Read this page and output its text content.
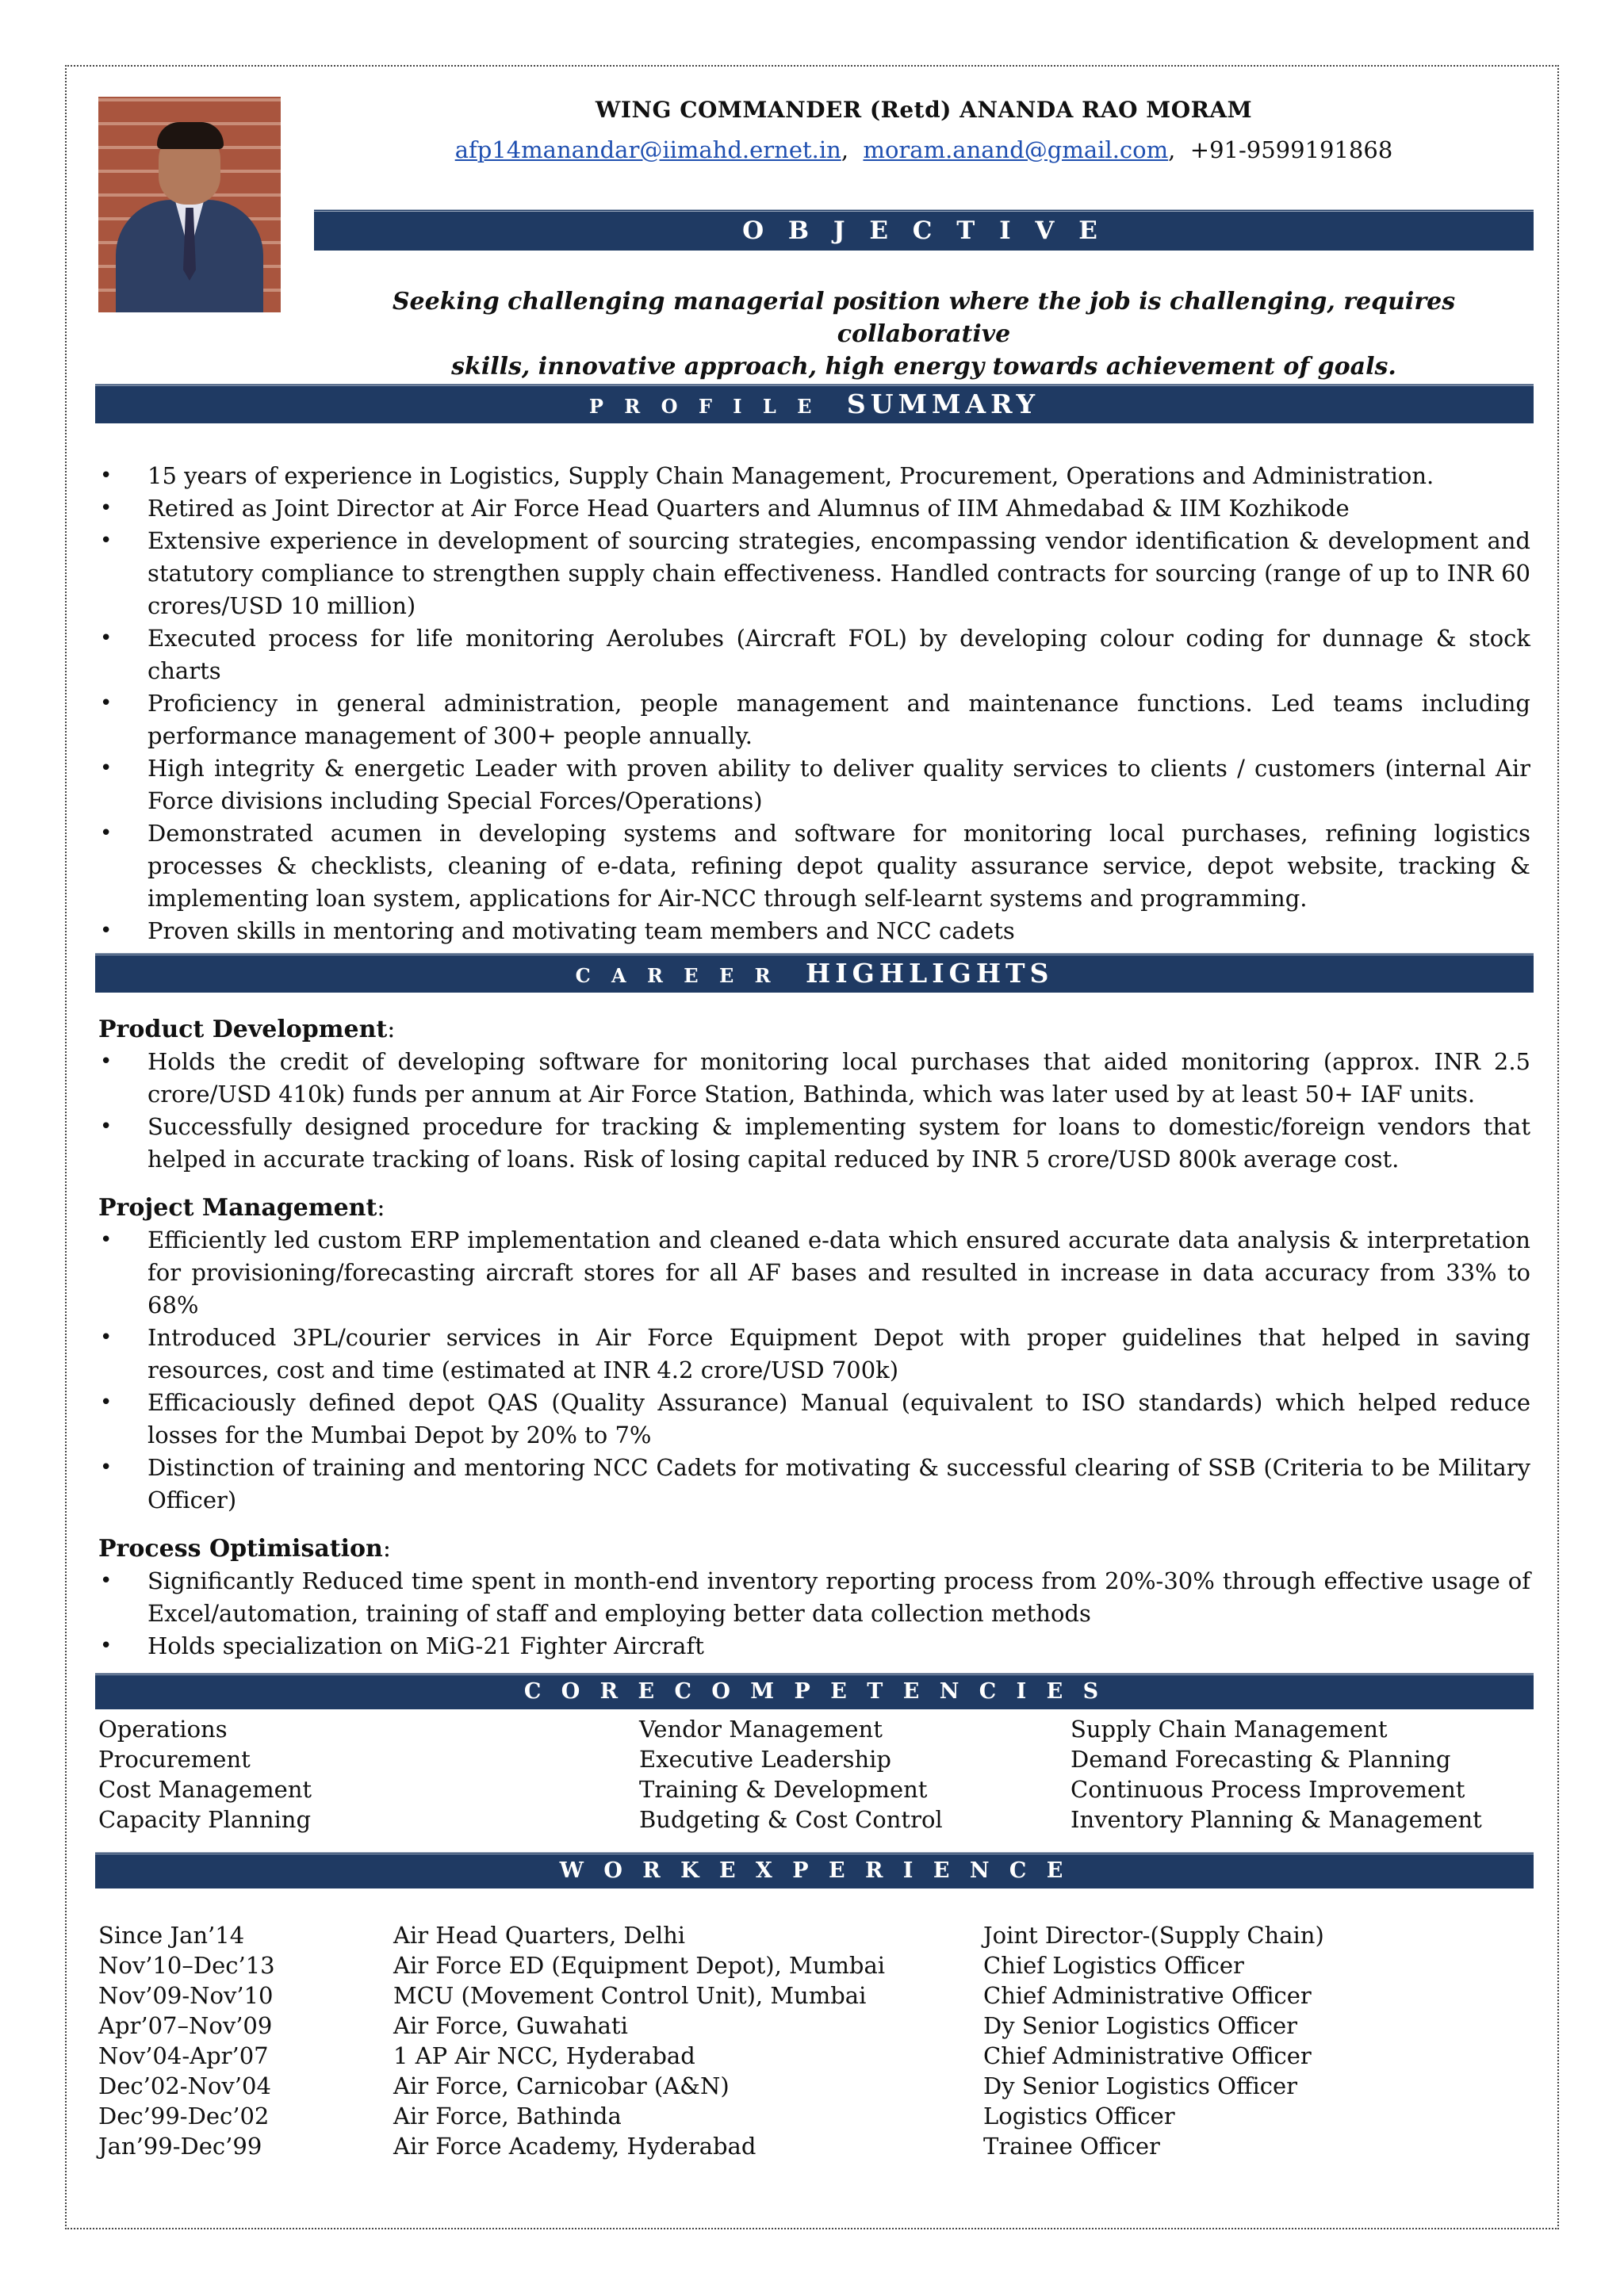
WING COMMANDER (Retd) ANANDA RAO MORAM
afp14manandar@iimahd.ernet.in,  moram.anand@gmail.com,  +91-9599191868
O B J E C T I V E
Seeking challenging managerial position where the job is challenging, requires collaborative
skills, innovative approach, high energy towards achievement of goals.
P R O F I L E SUMMARY
• 15 years of experience in Logistics, Supply Chain Management, Procurement, Operations and Administration.
• Retired as Joint Director at Air Force Head Quarters and Alumnus of IIM Ahmedabad & IIM Kozhikode
• Extensive experience in development of sourcing strategies, encompassing vendor identification & development and statutory compliance to strengthen supply chain effectiveness. Handled contracts for sourcing (range of up to INR 60 crores/USD 10 million)
• Executed process for life monitoring Aerolubes (Aircraft FOL) by developing colour coding for dunnage & stock charts
• Proficiency in general administration, people management and maintenance functions. Led teams including performance management of 300+ people annually.
• High integrity & energetic Leader with proven ability to deliver quality services to clients / customers (internal Air Force divisions including Special Forces/Operations)
• Demonstrated acumen in developing systems and software for monitoring local purchases, refining logistics processes & checklists, cleaning of e-data, refining depot quality assurance service, depot website, tracking & implementing loan system, applications for Air-NCC through self-learnt systems and programming.
• Proven skills in mentoring and motivating team members and NCC cadets
C A R E E R HIGHLIGHTS
Product Development:
• Holds the credit of developing software for monitoring local purchases that aided monitoring (approx. INR 2.5 crore/USD 410k) funds per annum at Air Force Station, Bathinda, which was later used by at least 50+ IAF units.
• Successfully designed procedure for tracking & implementing system for loans to domestic/foreign vendors that helped in accurate tracking of loans. Risk of losing capital reduced by INR 5 crore/USD 800k average cost.
Project Management:
• Efficiently led custom ERP implementation and cleaned e-data which ensured accurate data analysis & interpretation for provisioning/forecasting aircraft stores for all AF bases and resulted in increase in data accuracy from 33% to 68%
• Introduced 3PL/courier services in Air Force Equipment Depot with proper guidelines that helped in saving resources, cost and time (estimated at INR 4.2 crore/USD 700k)
• Efficaciously defined depot QAS (Quality Assurance) Manual (equivalent to ISO standards) which helped reduce losses for the Mumbai Depot by 20% to 7%
• Distinction of training and mentoring NCC Cadets for motivating & successful clearing of SSB (Criteria to be Military Officer)
Process Optimisation:
• Significantly Reduced time spent in month-end inventory reporting process from 20%-30% through effective usage of Excel/automation, training of staff and employing better data collection methods
• Holds specialization on MiG-21 Fighter Aircraft
C O R E C O M P E T E N C I E S
Operations
Procurement
Cost Management
Capacity Planning
Vendor Management
Executive Leadership
Training & Development
Budgeting & Cost Control
Supply Chain Management
Demand Forecasting & Planning
Continuous Process Improvement
Inventory Planning & Management
W O R K E X P E R I E N C E
Since Jan’14
Nov’10–Dec’13
Nov’09-Nov’10
Apr’07–Nov’09
Nov’04-Apr’07
Dec’02-Nov’04
Dec’99-Dec’02
Jan’99-Dec’99
Air Head Quarters, Delhi
Air Force ED (Equipment Depot), Mumbai
MCU (Movement Control Unit), Mumbai
Air Force, Guwahati
1 AP Air NCC, Hyderabad
Air Force, Carnicobar (A&N)
Air Force, Bathinda
Air Force Academy, Hyderabad
Joint Director-(Supply Chain)
Chief Logistics Officer
Chief Administrative Officer
Dy Senior Logistics Officer
Chief Administrative Officer
Dy Senior Logistics Officer
Logistics Officer
Trainee Officer
